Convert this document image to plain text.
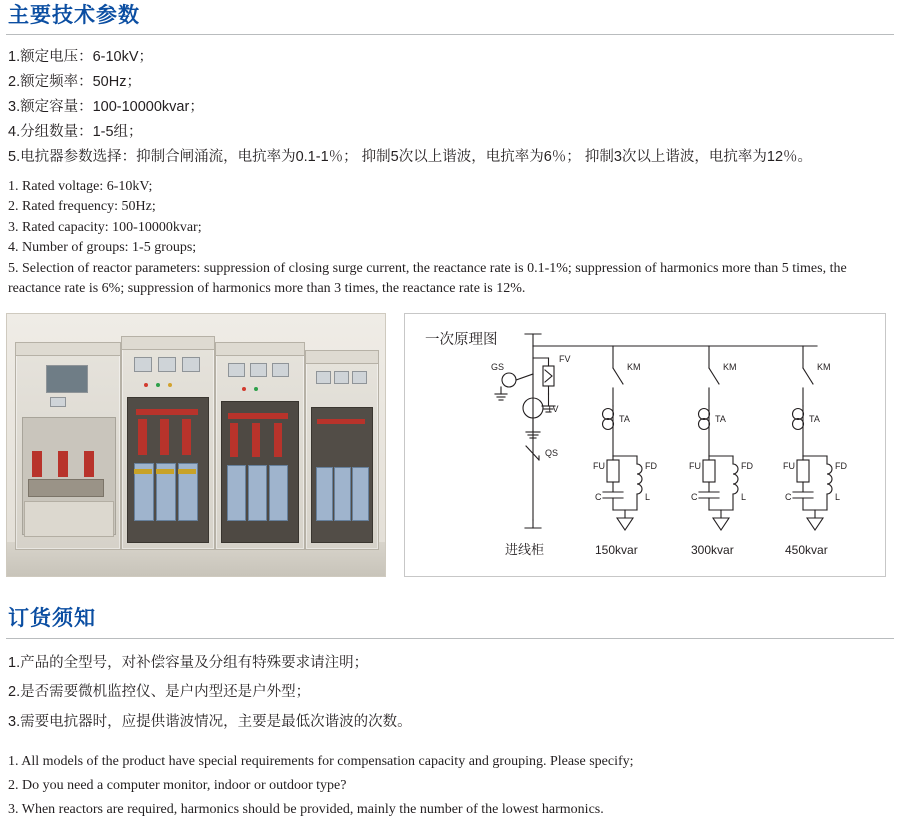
主要技术参数
1.额定电压：6-10kV；
2.额定频率：50Hz；
3.额定容量：100-10000kvar；
4.分组数量：1-5组；
5.电抗器参数选择：抑制合闸涌流，电抗率为0.1-1％； 抑制5次以上谐波，电抗率为6％； 抑制3次以上谐波，电抗率为12％。
1. Rated voltage: 6-10kV;
2. Rated frequency: 50Hz;
3. Rated capacity: 100-10000kvar;
4. Number of groups: 1-5 groups;
5. Selection of reactor parameters: suppression of closing surge current, the reactance rate is 0.1-1%; suppression of harmonics more than 5 times, the reactance rate is 6%; suppression of harmonics more than 3 times, the reactance rate is 12%.
一次原理图
GS
FV
TV
QS
KM
TA
FU
C
FD
L
KM
TA
FU
C
FD
L
KM
TA
FU
C
FD
L
进线柜	150kvar	300kvar	450kvar
订货须知
1.产品的全型号，对补偿容量及分组有特殊要求请注明；
2.是否需要微机监控仪、是户内型还是户外型；
3.需要电抗器时，应提供谐波情况，主要是最低次谐波的次数。
1. All models of the product have special requirements for compensation capacity and grouping. Please specify;
2. Do you need a computer monitor, indoor or outdoor type?
3. When reactors are required, harmonics should be provided, mainly the number of the lowest harmonics.
